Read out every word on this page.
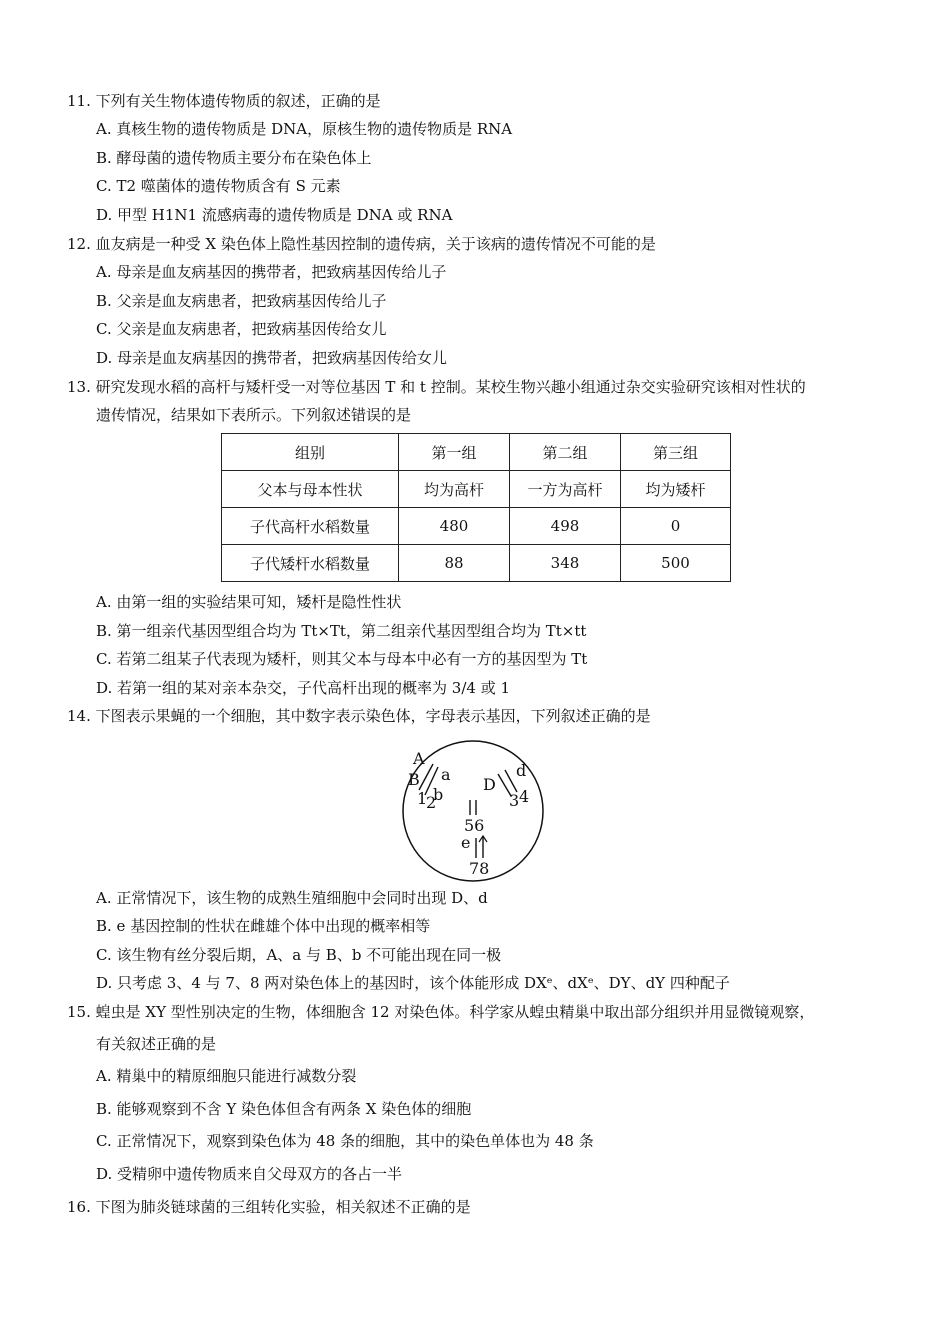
11. 下列有关生物体遗传物质的叙述，正确的是
A. 真核生物的遗传物质是 DNA，原核生物的遗传物质是 RNA
B. 酵母菌的遗传物质主要分布在染色体上
C. T2 噬菌体的遗传物质含有 S 元素
D. 甲型 H1N1 流感病毒的遗传物质是 DNA 或 RNA
12. 血友病是一种受 X 染色体上隐性基因控制的遗传病，关于该病的遗传情况不可能的是
A. 母亲是血友病基因的携带者，把致病基因传给儿子
B. 父亲是血友病患者，把致病基因传给儿子
C. 父亲是血友病患者，把致病基因传给女儿
D. 母亲是血友病基因的携带者，把致病基因传给女儿
13. 研究发现水稻的高杆与矮杆受一对等位基因 T 和 t 控制。某校生物兴趣小组通过杂交实验研究该相对性状的
遗传情况，结果如下表所示。下列叙述错误的是
组别	第一组	第二组	第三组
父本与母本性状	均为高杆	一方为高杆	均为矮杆
子代高杆水稻数量	480	498	0
子代矮杆水稻数量	88	348	500
A. 由第一组的实验结果可知，矮杆是隐性性状
B. 第一组亲代基因型组合均为 Tt×Tt，第二组亲代基因型组合均为 Tt×tt
C. 若第二组某子代表现为矮杆，则其父本与母本中必有一方的基因型为 Tt
D. 若第一组的某对亲本杂交，子代高杆出现的概率为 3/4 或 1
14. 下图表示果蝇的一个细胞，其中数字表示染色体，字母表示基因，下列叙述正确的是
A
a
B
b
1
2
D
d
3 4
56
e
78
A. 正常情况下，该生物的成熟生殖细胞中会同时出现 D、d
B. e 基因控制的性状在雌雄个体中出现的概率相等
C. 该生物有丝分裂后期，A、a 与 B、b 不可能出现在同一极
D. 只考虑 3、4 与 7、8 两对染色体上的基因时，该个体能形成 DXᵉ、dXᵉ、DY、dY 四种配子
15. 蝗虫是 XY 型性别决定的生物，体细胞含 12 对染色体。科学家从蝗虫精巢中取出部分组织并用显微镜观察，
有关叙述正确的是
A. 精巢中的精原细胞只能进行减数分裂
B. 能够观察到不含 Y 染色体但含有两条 X 染色体的细胞
C. 正常情况下，观察到染色体为 48 条的细胞，其中的染色单体也为 48 条
D. 受精卵中遗传物质来自父母双方的各占一半
16. 下图为肺炎链球菌的三组转化实验，相关叙述不正确的是
